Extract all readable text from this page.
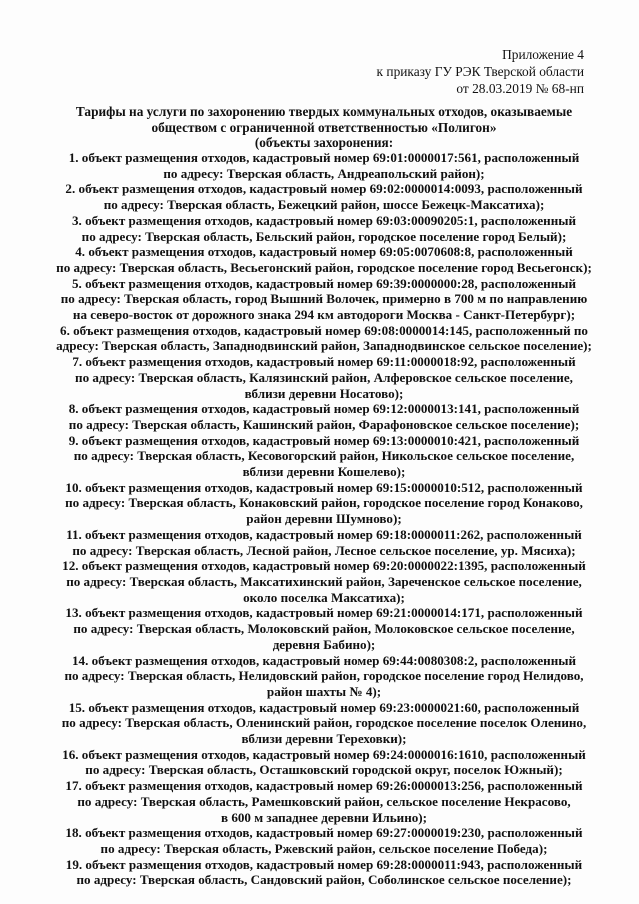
Приложение 4
к приказу ГУ РЭК Тверской области
от 28.03.2019 № 68-нп
Тарифы на услуги по захоронению твердых коммунальных отходов, оказываемые
обществом с ограниченной ответственностью «Полигон»
(объекты захоронения:
1. объект размещения отходов, кадастровый номер 69:01:0000017:561, расположенный
по адресу: Тверская область, Андреапольский район);
2. объект размещения отходов, кадастровый номер 69:02:0000014:0093, расположенный
по адресу: Тверская область, Бежецкий район, шоссе Бежецк-Максатиха);
3. объект размещения отходов, кадастровый номер 69:03:00090205:1, расположенный
по адресу: Тверская область, Бельский район, городское поселение город Белый);
4. объект размещения отходов, кадастровый номер 69:05:0070608:8, расположенный
по адресу: Тверская область, Весьегонский район, городское поселение город Весьегонск);
5. объект размещения отходов, кадастровый номер 69:39:0000000:28, расположенный
по адресу: Тверская область, город Вышний Волочек, примерно в 700 м по направлению
на северо-восток от дорожного знака 294 км автодороги Москва - Санкт-Петербург);
6. объект размещения отходов, кадастровый номер 69:08:0000014:145, расположенный по
адресу: Тверская область, Западнодвинский район, Западнодвинское сельское поселение);
7. объект размещения отходов, кадастровый номер 69:11:0000018:92, расположенный
по адресу: Тверская область, Калязинский район, Алферовское сельское поселение,
вблизи деревни Носатово);
8. объект размещения отходов, кадастровый номер 69:12:0000013:141, расположенный
по адресу: Тверская область, Кашинский район, Фарафоновское сельское поселение);
9. объект размещения отходов, кадастровый номер 69:13:0000010:421, расположенный
по адресу: Тверская область, Кесовогорский район, Никольское сельское поселение,
вблизи деревни Кошелево);
10. объект размещения отходов, кадастровый номер 69:15:0000010:512, расположенный
по адресу: Тверская область, Конаковский район, городское поселение город Конаково,
район деревни Шумново);
11. объект размещения отходов, кадастровый номер 69:18:0000011:262, расположенный
по адресу: Тверская область, Лесной район, Лесное сельское поселение, ур. Мясиха);
12. объект размещения отходов, кадастровый номер 69:20:0000022:1395, расположенный
по адресу: Тверская область, Максатихинский район, Зареченское сельское поселение,
около поселка Максатиха);
13. объект размещения отходов, кадастровый номер 69:21:0000014:171, расположенный
по адресу: Тверская область, Молоковский район, Молоковское сельское поселение,
деревня Бабино);
14. объект размещения отходов, кадастровый номер 69:44:0080308:2, расположенный
по адресу: Тверская область, Нелидовский район, городское поселение город Нелидово,
район шахты № 4);
15. объект размещения отходов, кадастровый номер 69:23:0000021:60, расположенный
по адресу: Тверская область, Оленинский район, городское поселение поселок Оленино,
вблизи деревни Тереховки);
16. объект размещения отходов, кадастровый номер 69:24:0000016:1610, расположенный
по адресу: Тверская область, Осташковский городской округ, поселок Южный);
17. объект размещения отходов, кадастровый номер 69:26:0000013:256, расположенный
по адресу: Тверская область, Рамешковский район, сельское поселение Некрасово,
в 600 м западнее деревни Ильино);
18. объект размещения отходов, кадастровый номер 69:27:0000019:230, расположенный
по адресу: Тверская область, Ржевский район, сельское поселение Победа);
19. объект размещения отходов, кадастровый номер 69:28:0000011:943, расположенный
по адресу: Тверская область, Сандовский район, Соболинское сельское поселение);
